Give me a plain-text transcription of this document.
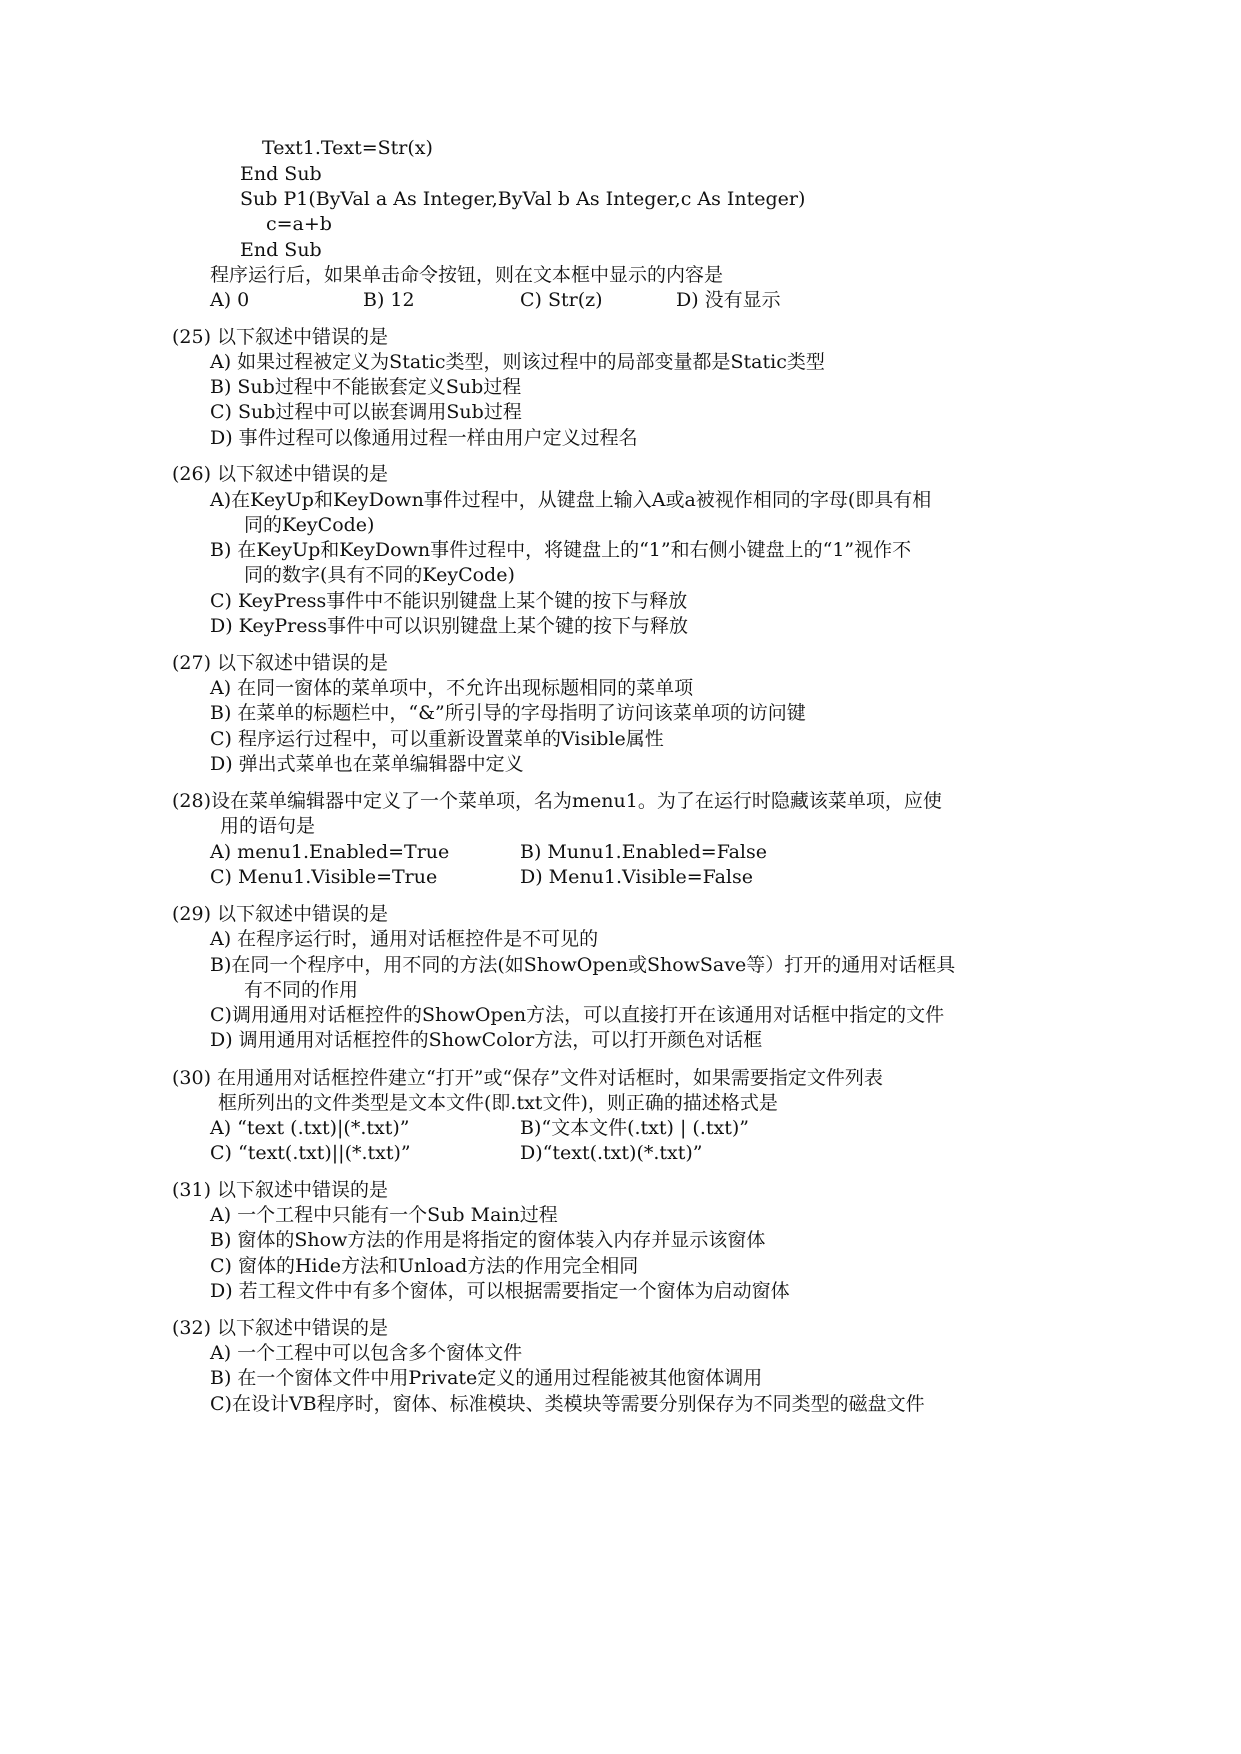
Text1.Text=Str(x)
End Sub
Sub P1(ByVal a As Integer,ByVal b As Integer,c As Integer)
c=a+b
End Sub
程序运行后，如果单击命令按钮，则在文本框中显示的内容是
A) 0	B) 12	C) Str(z)	D) 没有显示
(25) 以下叙述中错误的是
A) 如果过程被定义为Static类型，则该过程中的局部变量都是Static类型
B) Sub过程中不能嵌套定义Sub过程
C) Sub过程中可以嵌套调用Sub过程
D) 事件过程可以像通用过程一样由用户定义过程名
(26) 以下叙述中错误的是
A)在KeyUp和KeyDown事件过程中，从键盘上输入A或a被视作相同的字母(即具有相
同的KeyCode)
B) 在KeyUp和KeyDown事件过程中，将键盘上的“1”和右侧小键盘上的“1”视作不
同的数字(具有不同的KeyCode)
C) KeyPress事件中不能识别键盘上某个键的按下与释放
D) KeyPress事件中可以识别键盘上某个键的按下与释放
(27) 以下叙述中错误的是
A) 在同一窗体的菜单项中，不允许出现标题相同的菜单项
B) 在菜单的标题栏中，“&”所引导的字母指明了访问该菜单项的访问键
C) 程序运行过程中，可以重新设置菜单的Visible属性
D) 弹出式菜单也在菜单编辑器中定义
(28)设在菜单编辑器中定义了一个菜单项，名为menu1。为了在运行时隐藏该菜单项，应使
用的语句是
A) menu1.Enabled=True	B) Munu1.Enabled=False
C) Menu1.Visible=True	D) Menu1.Visible=False
(29) 以下叙述中错误的是
A) 在程序运行时，通用对话框控件是不可见的
B)在同一个程序中，用不同的方法(如ShowOpen或ShowSave等）打开的通用对话框具
有不同的作用
C)调用通用对话框控件的ShowOpen方法，可以直接打开在该通用对话框中指定的文件
D) 调用通用对话框控件的ShowColor方法，可以打开颜色对话框
(30) 在用通用对话框控件建立“打开”或“保存”文件对话框时，如果需要指定文件列表
框所列出的文件类型是文本文件(即.txt文件)，则正确的描述格式是
A) “text (.txt)|(*.txt)”	B)“文本文件(.txt) | (.txt)”
C) “text(.txt)||(*.txt)”	D)“text(.txt)(*.txt)”
(31) 以下叙述中错误的是
A) 一个工程中只能有一个Sub Main过程
B) 窗体的Show方法的作用是将指定的窗体装入内存并显示该窗体
C) 窗体的Hide方法和Unload方法的作用完全相同
D) 若工程文件中有多个窗体，可以根据需要指定一个窗体为启动窗体
(32) 以下叙述中错误的是
A) 一个工程中可以包含多个窗体文件
B) 在一个窗体文件中用Private定义的通用过程能被其他窗体调用
C)在设计VB程序时，窗体、标准模块、类模块等需要分别保存为不同类型的磁盘文件
